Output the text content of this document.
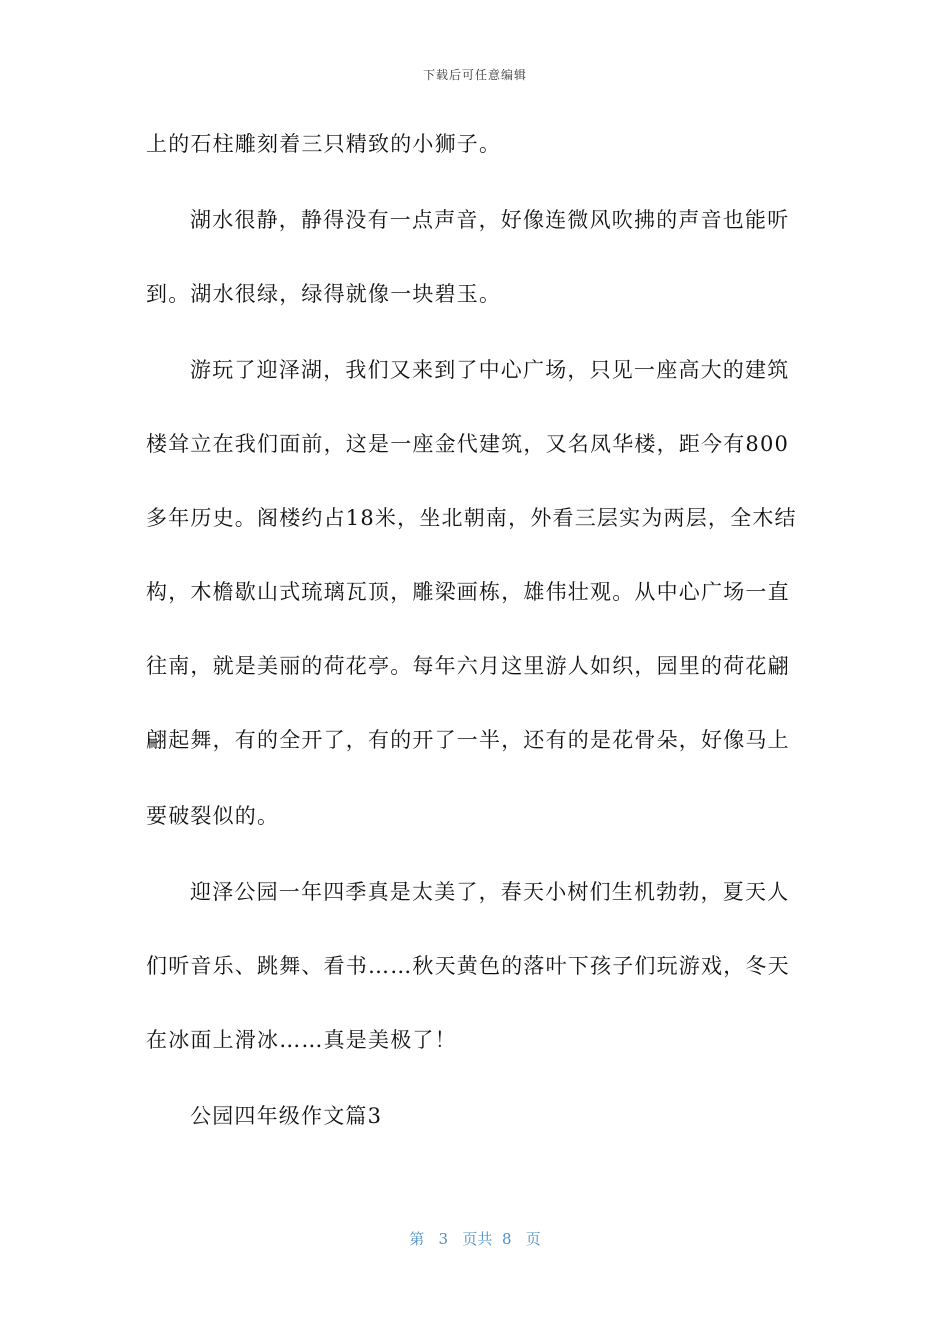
下载后可任意编辑
上的石柱雕刻着三只精致的小狮子。
湖水很静，静得没有一点声音，好像连微风吹拂的声音也能听
到。湖水很绿，绿得就像一块碧玉。
游玩了迎泽湖，我们又来到了中心广场，只见一座高大的建筑
楼耸立在我们面前，这是一座金代建筑，又名凤华楼，距今有800
多年历史。阁楼约占18米，坐北朝南，外看三层实为两层，全木结
构，木檐歇山式琉璃瓦顶，雕梁画栋，雄伟壮观。从中心广场一直
往南，就是美丽的荷花亭。每年六月这里游人如织，园里的荷花翩
翩起舞，有的全开了，有的开了一半，还有的是花骨朵，好像马上
要破裂似的。
迎泽公园一年四季真是太美了，春天小树们生机勃勃，夏天人
们听音乐、跳舞、看书……秋天黄色的落叶下孩子们玩游戏，冬天
在冰面上滑冰……真是美极了！
公园四年级作文篇3
第 3 页共 8 页
